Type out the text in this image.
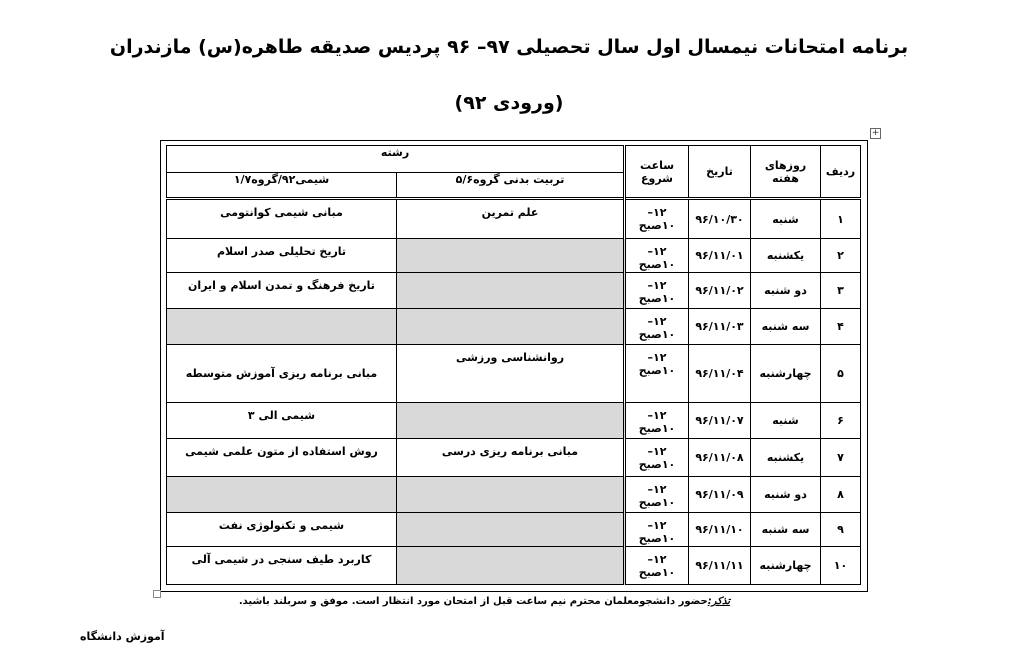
برنامه امتحانات نیمسال اول سال تحصیلی ۹۷– ۹۶ پردیس صدیقه طاهره(س) مازندران
(ورودی ۹۲)
+
ردیف	روزهای هفته	تاریخ	ساعت شروع	رشته	
				تربیت بدنی گروه۵/۶	شیمی۹۲/گروه۱/۷

۱	شنبه	۹۶/۱۰/۳۰	۱۲–۱۰صبح	علم تمرین	مبانی شیمی کوانتومی

۲	یکشنبه	۹۶/۱۱/۰۱	۱۲–۱۰صبح		تاریخ تحلیلی صدر اسلام

۳	دو شنبه	۹۶/۱۱/۰۲	۱۲–۱۰صبح		تاریخ فرهنگ و تمدن اسلام و ایران

۴	سه شنبه	۹۶/۱۱/۰۳	۱۲–۱۰صبح		

۵	چهارشنبه	۹۶/۱۱/۰۴	۱۲–۱۰صبح	روانشناسی ورزشی	مبانی برنامه ریزی آموزش متوسطه

۶	شنبه	۹۶/۱۱/۰۷	۱۲–۱۰صبح		شیمی الی ۳

۷	یکشنبه	۹۶/۱۱/۰۸	۱۲–۱۰صبح	مبانی برنامه ریزی درسی	روش استفاده از متون علمی شیمی

۸	دو شنبه	۹۶/۱۱/۰۹	۱۲–۱۰صبح		

۹	سه شنبه	۹۶/۱۱/۱۰	۱۲–۱۰صبح		شیمی و تکنولوژی نفت

۱۰	چهارشنبه	۹۶/۱۱/۱۱	۱۲–۱۰صبح		کاربرد طیف سنجی در شیمی آلی
تذکر:حضور دانشجومعلمان محترم نیم ساعت قبل از امتحان مورد انتظار است. موفق و سربلند باشید.
آموزش دانشگاه
